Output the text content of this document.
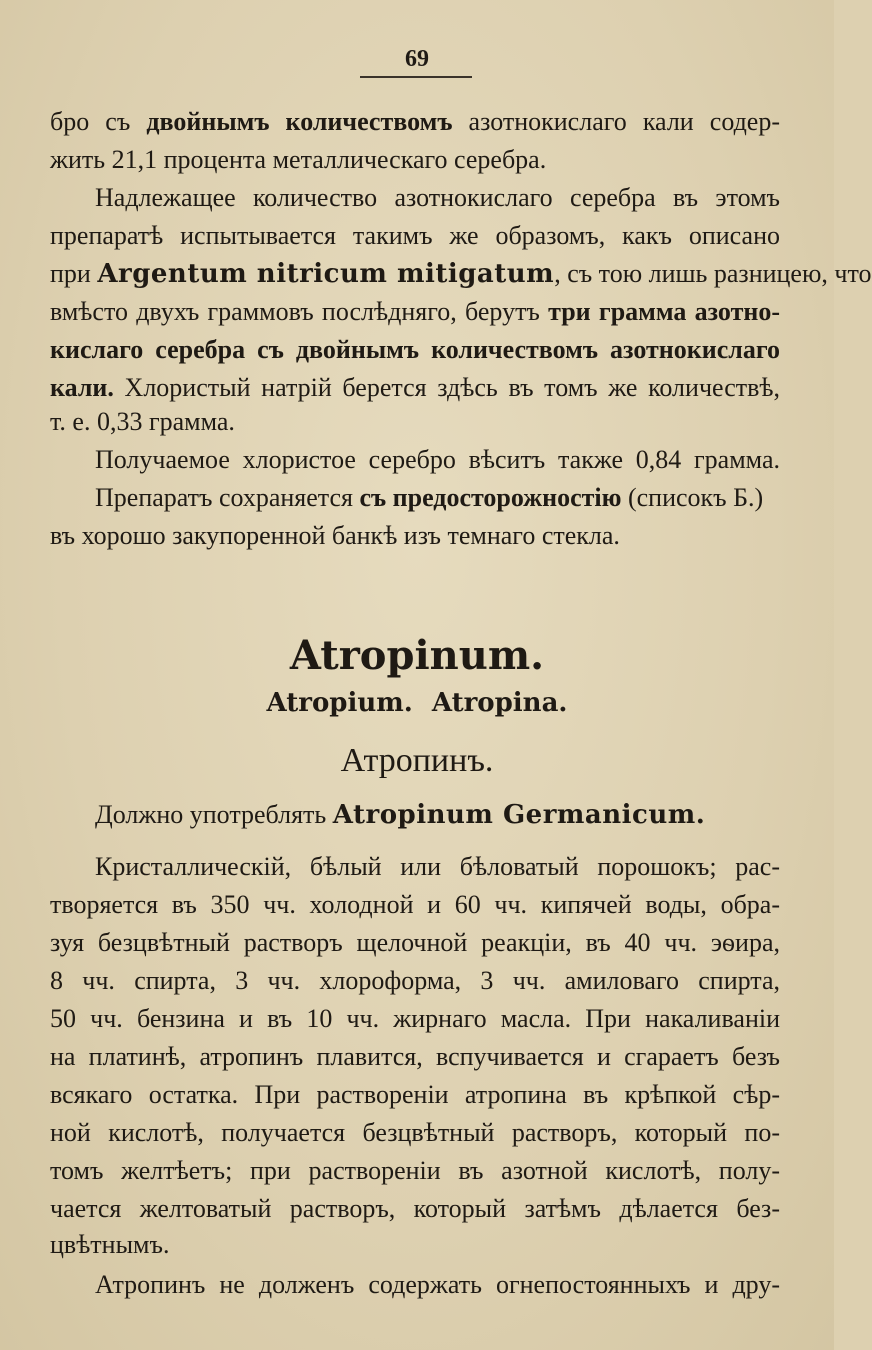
69
бро съ двойнымъ количествомъ азотнокислаго кали содер-
жить 21,1 процента металлическаго серебра.
Надлежащее количество азотнокислаго серебра въ этомъ
препаратѣ испытывается такимъ же образомъ, какъ описано
при Argentum nitricum mitigatum, съ тою лишь разницею, что
вмѣсто двухъ граммовъ послѣдняго, берутъ три грамма азотно-
кислаго серебра съ двойнымъ количествомъ азотнокислаго
кали. Хлористый натрій берется здѣсь въ томъ же количествѣ,
т. е. 0,33 грамма.
Получаемое хлористое серебро вѣситъ также 0,84 грамма.
Препаратъ сохраняется съ предосторожностію (списокъ Б.)
въ хорошо закупоренной банкѣ изъ темнаго стекла.
Atropinum.
Atropium. Atropina.
Атропинъ.
Должно употреблять Atropinum Germanicum.
Кристаллическій, бѣлый или бѣловатый порошокъ; рас-
творяется въ 350 чч. холодной и 60 чч. кипячей воды, обра-
зуя безцвѣтный растворъ щелочной реакціи, въ 40 чч. эѳира,
8 чч. спирта, 3 чч. хлороформа, 3 чч. амиловаго спирта,
50 чч. бензина и въ 10 чч. жирнаго масла. При накаливаніи
на платинѣ, атропинъ плавится, вспучивается и сгараетъ безъ
всякаго остатка. При раствореніи атропина въ крѣпкой сѣр-
ной кислотѣ, получается безцвѣтный растворъ, который по-
томъ желтѣетъ; при раствореніи въ азотной кислотѣ, полу-
чается желтоватый растворъ, который затѣмъ дѣлается без-
цвѣтнымъ.
Атропинъ не долженъ содержать огнепостоянныхъ и дру-
